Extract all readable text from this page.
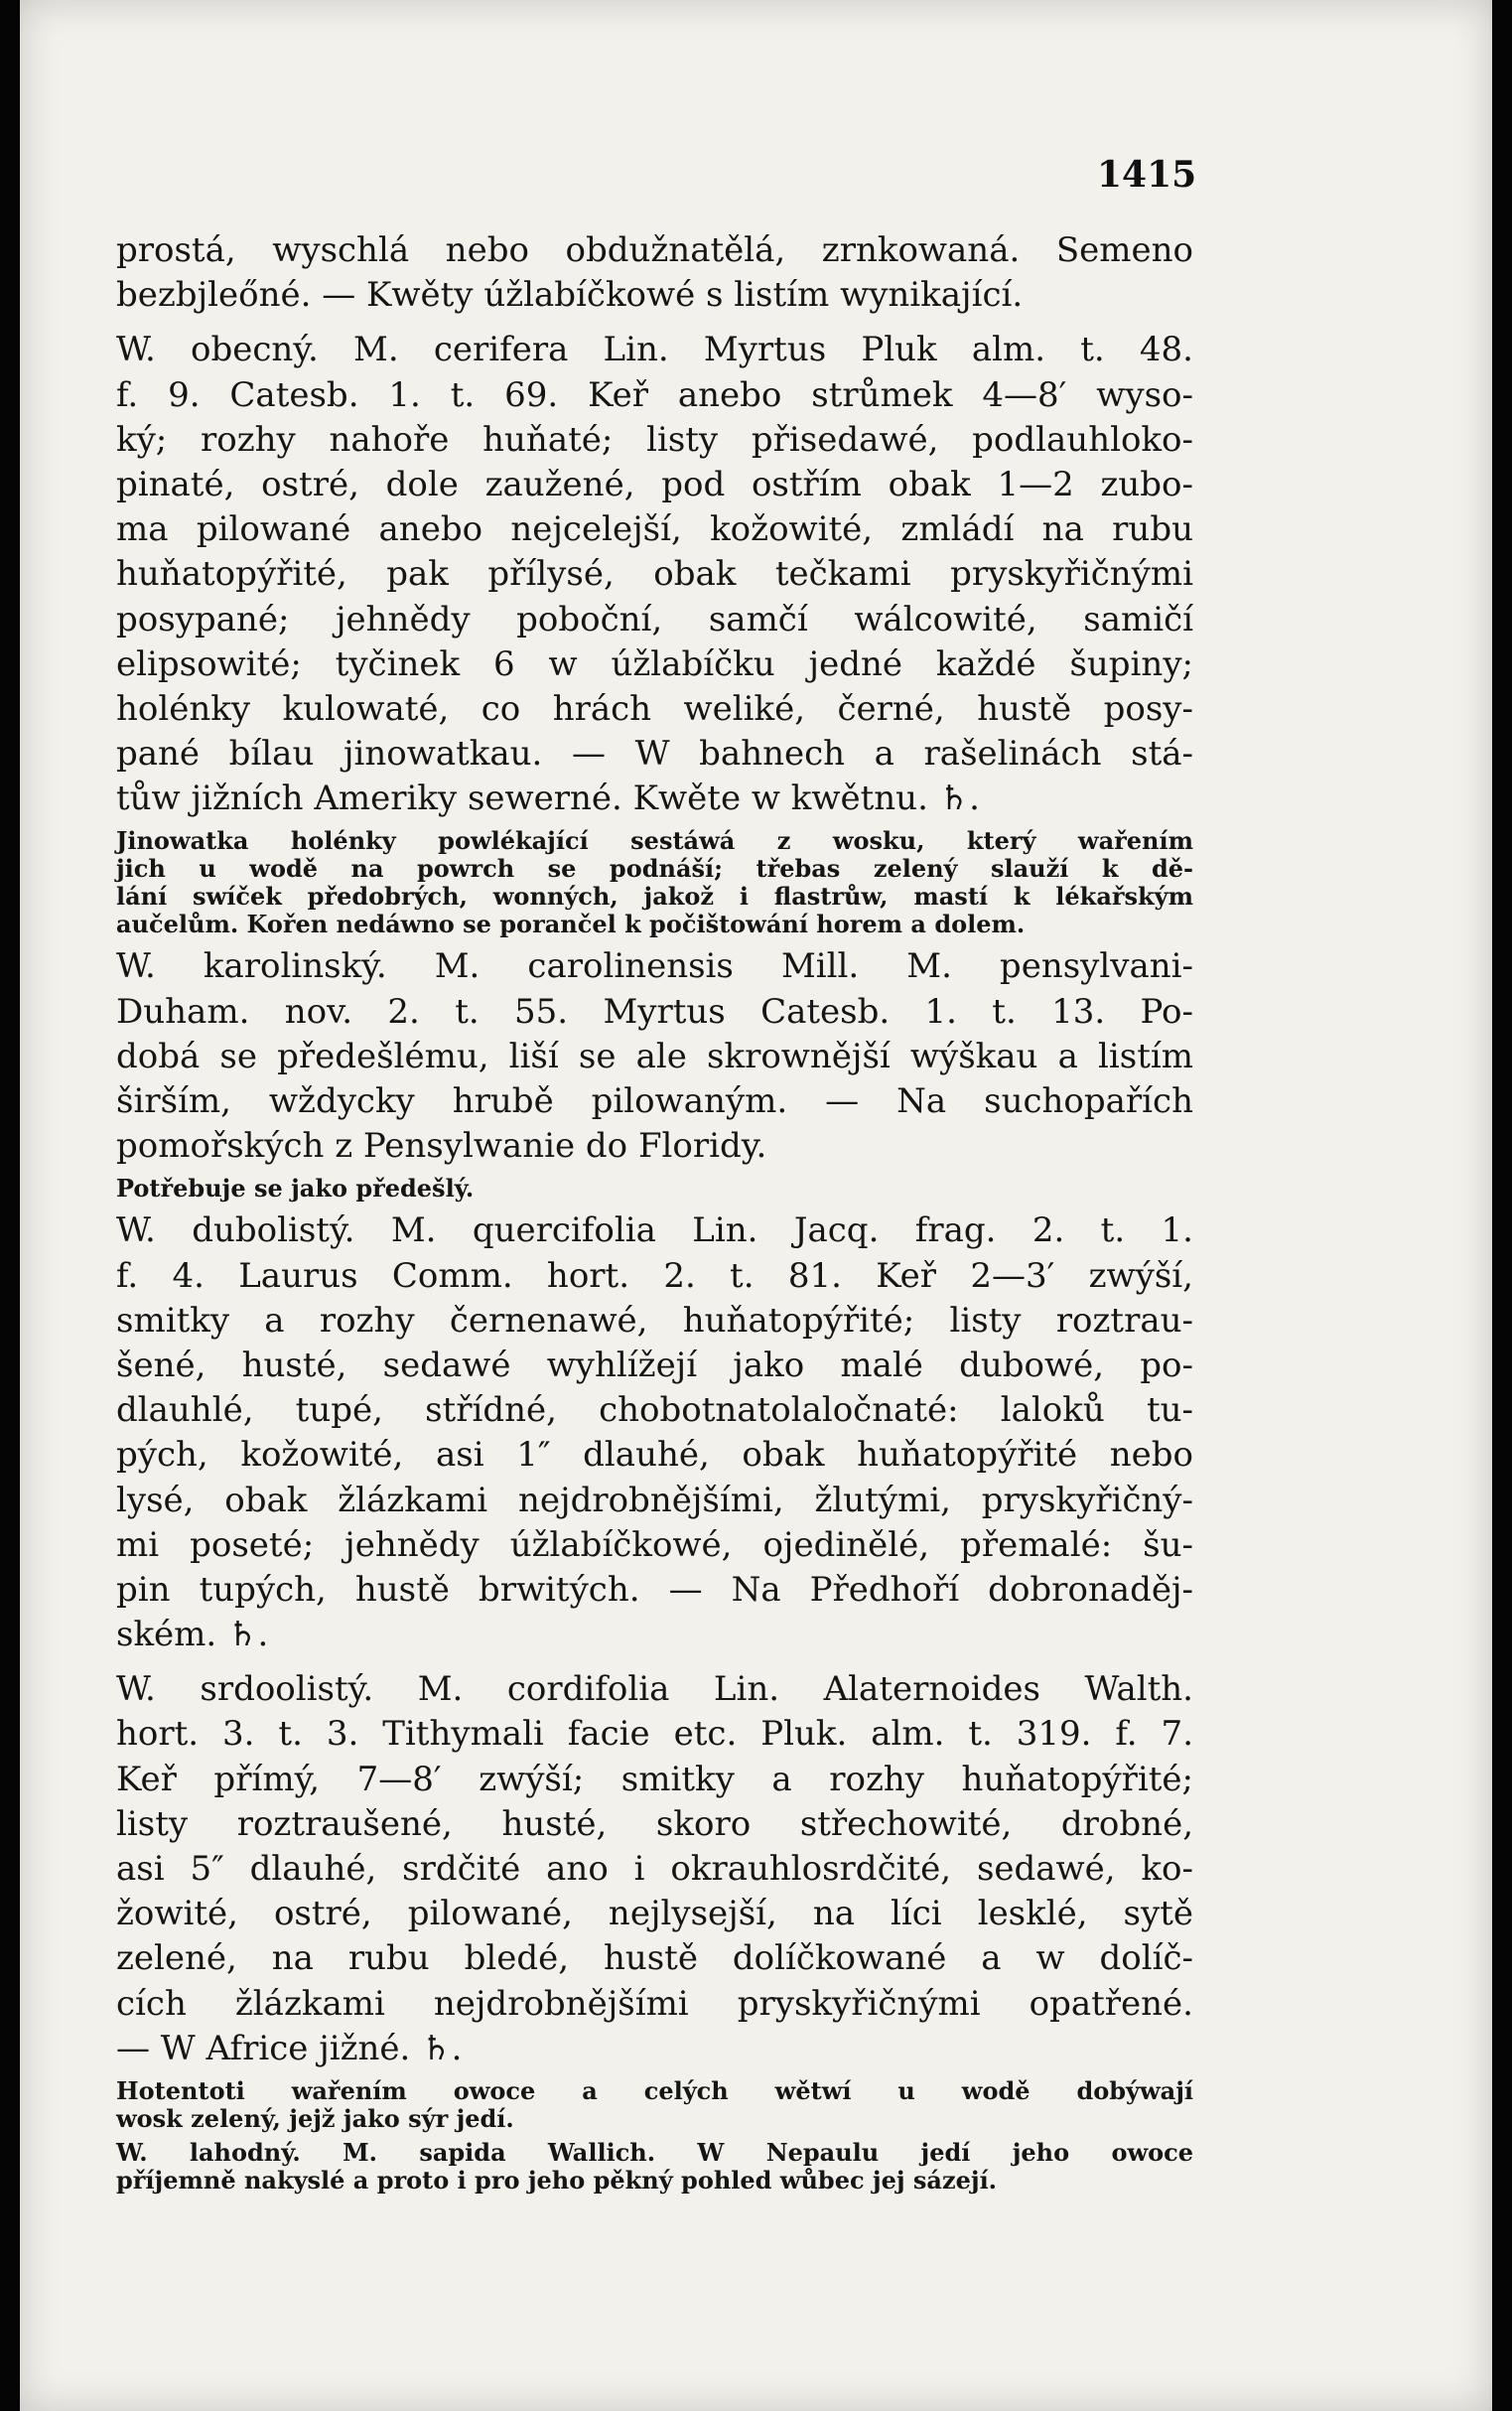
1415
prostá, wyschlá nebo obdužnatělá, zrnkowaná. Semeno
bezbjleőné. — Kwěty úžlabíčkowé s listím wynikající.
W. obecný. M. cerifera Lin. Myrtus Pluk alm. t. 48.
f. 9. Catesb. 1. t. 69. Keř anebo strůmek 4—8′ wyso-
ký; rozhy nahoře huňaté; listy přisedawé, podlauhloko-
pinaté, ostré, dole zaužené, pod ostřím obak 1—2 zubo-
ma pilowané anebo nejcelejší, kožowité, zmládí na rubu
huňatopýřité, pak přílysé, obak tečkami pryskyřičnými
posypané; jehnědy poboční, samčí wálcowité, samičí
elipsowité; tyčinek 6 w úžlabíčku jedné každé šupiny;
holénky kulowaté, co hrách weliké, černé, hustě posy-
pané bílau jinowatkau. — W bahnech a rašelinách stá-
tůw jižních Ameriky sewerné. Kwěte w kwětnu. ♄.
Jinowatka holénky powlékající sestáwá z wosku, který wařením
jich u wodě na powrch se podnáší; třebas zelený slauží k dě-
lání swíček předobrých, wonných, jakož i flastrůw, mastí k lékařským
aučelům. Kořen nedáwno se porančel k počištowání horem a dolem.
W. karolinský. M. carolinensis Mill. M. pensylvani-
Duham. nov. 2. t. 55. Myrtus Catesb. 1. t. 13. Po-
dobá se předešlému, liší se ale skrownější wýškau a listím
širším, wždycky hrubě pilowaným. — Na suchopařích
pomořských z Pensylwanie do Floridy.
Potřebuje se jako předešlý.
W. dubolistý. M. quercifolia Lin. Jacq. frag. 2. t. 1.
f. 4. Laurus Comm. hort. 2. t. 81. Keř 2—3′ zwýší,
smitky a rozhy černenawé, huňatopýřité; listy roztrau-
šené, husté, sedawé wyhlížejí jako malé dubowé, po-
dlauhlé, tupé, střídné, chobotnatolaločnaté: laloků tu-
pých, kožowité, asi 1″ dlauhé, obak huňatopýřité nebo
lysé, obak žlázkami nejdrobnějšími, žlutými, pryskyřičný-
mi poseté; jehnědy úžlabíčkowé, ojedinělé, přemalé: šu-
pin tupých, hustě brwitých. — Na Předhoří dobronaděj-
ském. ♄.
W. srdoolistý. M. cordifolia Lin. Alaternoides Walth.
hort. 3. t. 3. Tithymali facie etc. Pluk. alm. t. 319. f. 7.
Keř přímý, 7—8′ zwýší; smitky a rozhy huňatopýřité;
listy roztraušené, husté, skoro střechowité, drobné,
asi 5″ dlauhé, srdčité ano i okrauhlosrdčité, sedawé, ko-
žowité, ostré, pilowané, nejlysejší, na líci lesklé, sytě
zelené, na rubu bledé, hustě dolíčkowané a w dolíč-
cích žlázkami nejdrobnějšími pryskyřičnými opatřené.
— W Africe jižné. ♄.
Hotentoti wařením owoce a celých wětwí u wodě dobýwají
wosk zelený, jejž jako sýr jedí.
W. lahodný. M. sapida Wallich. W Nepaulu jedí jeho owoce
příjemně nakyslé a proto i pro jeho pěkný pohled wůbec jej sázejí.
